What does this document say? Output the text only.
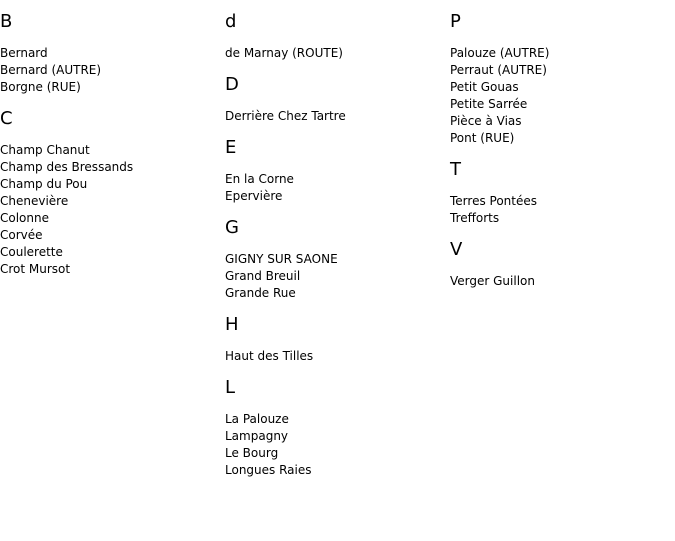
B
Bernard
Bernard (AUTRE)
Borgne (RUE)
C
Champ Chanut
Champ des Bressands
Champ du Pou
Chenevière
Colonne
Corvée
Coulerette
Crot Mursot
d
de Marnay (ROUTE)
D
Derrière Chez Tartre
E
En la Corne
Epervière
G
GIGNY SUR SAONE
Grand Breuil
Grande Rue
H
Haut des Tilles
L
La Palouze
Lampagny
Le Bourg
Longues Raies
P
Palouze (AUTRE)
Perraut (AUTRE)
Petit Gouas
Petite Sarrée
Pièce à Vias
Pont (RUE)
T
Terres Pontées
Trefforts
V
Verger Guillon
